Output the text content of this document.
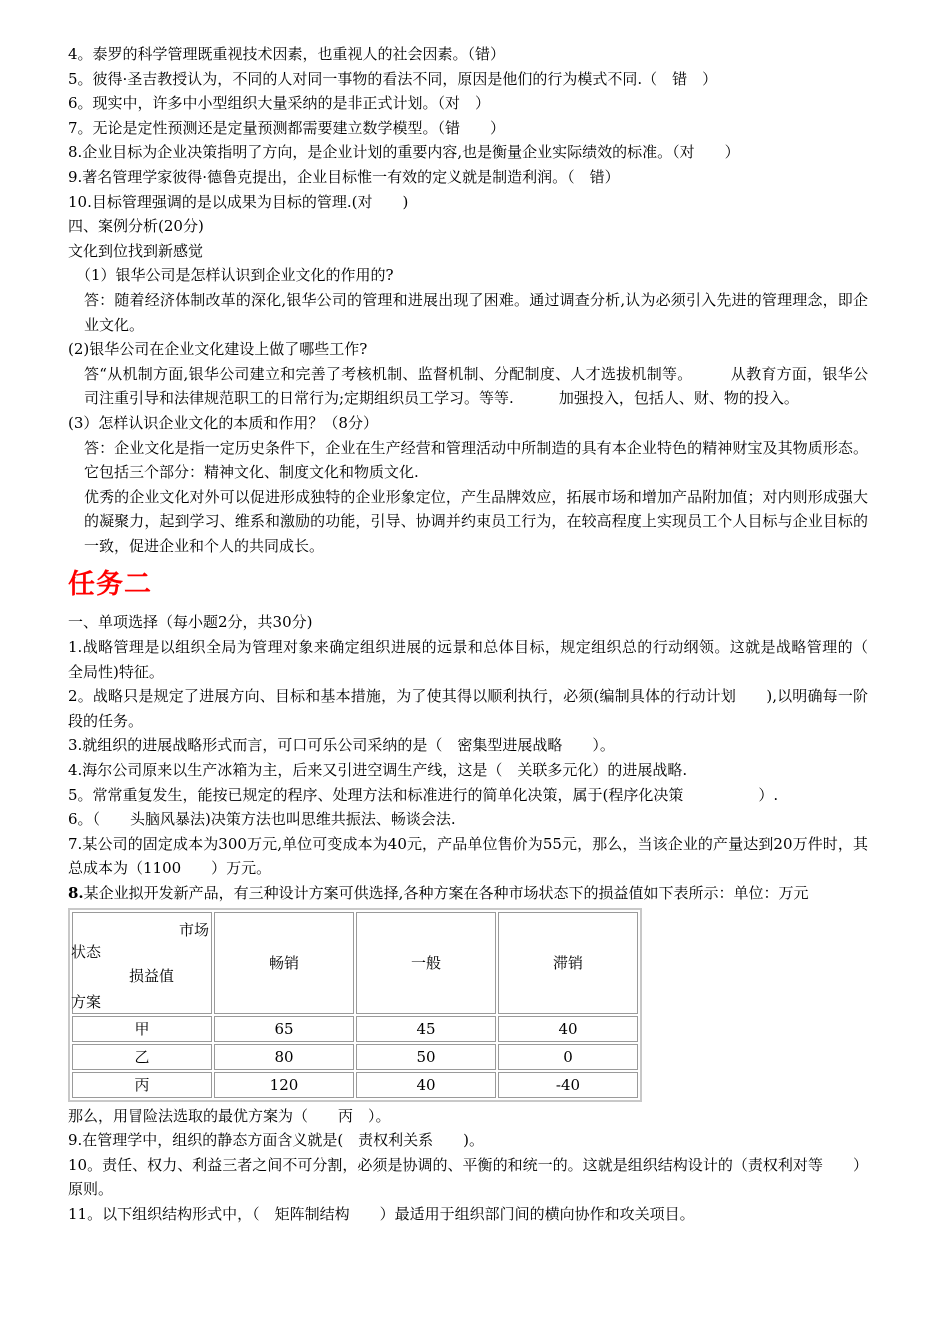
4。泰罗的科学管理既重视技术因素，也重视人的社会因素。（错）
5。彼得·圣吉教授认为，不同的人对同一事物的看法不同，原因是他们的行为模式不同.（　错　）
6。现实中，许多中小型组织大量采纳的是非正式计划。（对　）
7。无论是定性预测还是定量预测都需要建立数学模型。（错　　）
8.企业目标为企业决策指明了方向，是企业计划的重要内容,也是衡量企业实际绩效的标准。（对　　）
9.著名管理学家彼得·德鲁克提出，企业目标惟一有效的定义就是制造利润。（　错）
10.目标管理强调的是以成果为目标的管理.(对　　)
四、案例分析(20分)
文化到位找到新感觉
（1）银华公司是怎样认识到企业文化的作用的?
答：随着经济体制改革的深化,银华公司的管理和进展出现了困难。通过调查分析,认为必须引入先进的管理理念，即企业文化。
(2)银华公司在企业文化建设上做了哪些工作?
答“从机制方面,银华公司建立和完善了考核机制、监督机制、分配制度、人才选拔机制等。　　　从教育方面，银华公司注重引导和法律规范职工的日常行为;定期组织员工学习。等等.　　　加强投入，包括人、财、物的投入。
(3）怎样认识企业文化的本质和作用？（8分）
答：企业文化是指一定历史条件下，企业在生产经营和管理活动中所制造的具有本企业特色的精神财宝及其物质形态。它包括三个部分：精神文化、制度文化和物质文化.
优秀的企业文化对外可以促进形成独特的企业形象定位，产生品牌效应，拓展市场和增加产品附加值；对内则形成强大的凝聚力，起到学习、维系和激励的功能，引导、协调并约束员工行为，在较高程度上实现员工个人目标与企业目标的一致，促进企业和个人的共同成长。
任务二
一、单项选择（每小题2分，共30分)
1.战略管理是以组织全局为管理对象来确定组织进展的远景和总体目标，规定组织总的行动纲领。这就是战略管理的（　　全局性)特征。
2。战略只是规定了进展方向、目标和基本措施，为了使其得以顺利执行，必须(编制具体的行动计划　　),以明确每一阶段的任务。
3.就组织的进展战略形式而言，可口可乐公司采纳的是（　密集型进展战略　　）。
4.海尔公司原来以生产冰箱为主，后来又引进空调生产线，这是（　关联多元化）的进展战略.
5。常常重复发生，能按已规定的程序、处理方法和标准进行的简单化决策，属于(程序化决策　　　　　）.
6。（　　头脑风暴法)决策方法也叫思维共振法、畅谈会法.
7.某公司的固定成本为300万元,单位可变成本为40元，产品单位售价为55元，那么，当该企业的产量达到20万件时，其总成本为（1100　　）万元。
8.某企业拟开发新产品，有三种设计方案可供选择,各种方案在各种市场状态下的损益值如下表所示：单位：万元
市场
状态
损益值
方案	畅销	一般	滞销
甲	65	45	40
乙	80	50	0
丙	120	40	-40
那么，用冒险法选取的最优方案为（　　丙　）。
9.在管理学中，组织的静态方面含义就是(　责权利关系　　)。
10。责任、权力、利益三者之间不可分割，必须是协调的、平衡的和统一的。这就是组织结构设计的（责权利对等　　）原则。
11。以下组织结构形式中，（　矩阵制结构　　）最适用于组织部门间的横向协作和攻关项目。
